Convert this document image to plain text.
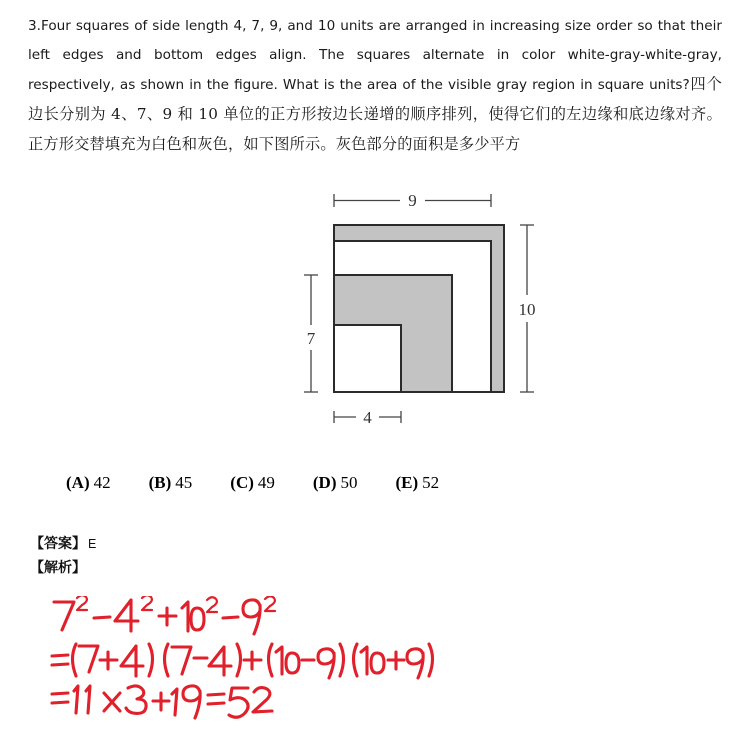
3.Four squares of side length 4, 7, 9, and 10 units are arranged in increasing size order so that their left edges and bottom edges align. The squares alternate in color white-gray-white-gray, respectively, as shown in the figure. What is the area of the visible gray region in square units?四个边长分别为 4、7、9 和 10 单位的正方形按边长递增的顺序排列，使得它们的左边缘和底边缘对齐。正方形交替填充为白色和灰色，如下图所示。灰色部分的面积是多少平方
9
10
7
4
(A) 42 (B) 45 (C) 49 (D) 50 (E) 52
【答案】 E
【解析】
